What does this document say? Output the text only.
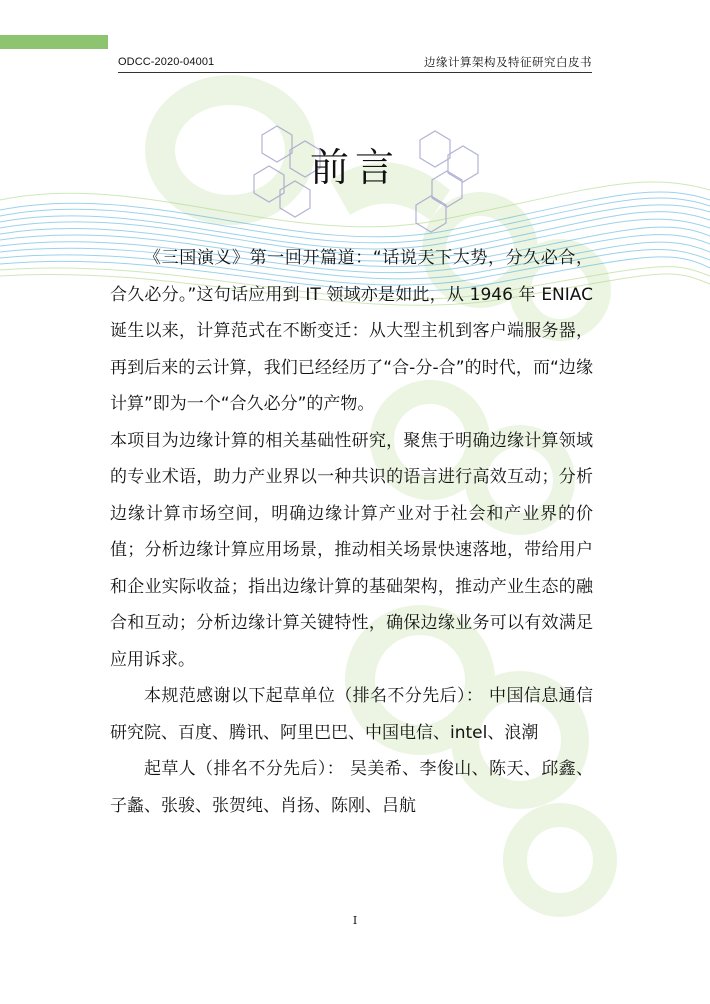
ODCC-2020-04001	边缘计算架构及特征研究白皮书
前言

《三国演义》第一回开篇道：“话说天下大势，分久必合，合久必分。”这句话应用到 IT 领域亦是如此，从 1946 年 ENIAC 诞生以来，计算范式在不断变迁：从大型主机到客户端服务器，再到后来的云计算，我们已经经历了“合-分-合”的时代，而“边缘计算”即为一个“合久必分”的产物。

本项目为边缘计算的相关基础性研究，聚焦于明确边缘计算领域的专业术语，助力产业界以一种共识的语言进行高效互动；分析边缘计算市场空间，明确边缘计算产业对于社会和产业界的价值；分析边缘计算应用场景，推动相关场景快速落地，带给用户和企业实际收益；指出边缘计算的基础架构，推动产业生态的融合和互动；分析边缘计算关键特性，确保边缘业务可以有效满足应用诉求。

本规范感谢以下起草单位（排名不分先后）： 中国信息通信研究院、百度、腾讯、阿里巴巴、中国电信、intel、浪潮

起草人（排名不分先后）： 吴美希、李俊山、陈天、邱鑫、子蠡、张骏、张贺纯、肖扬、陈刚、吕航

I
